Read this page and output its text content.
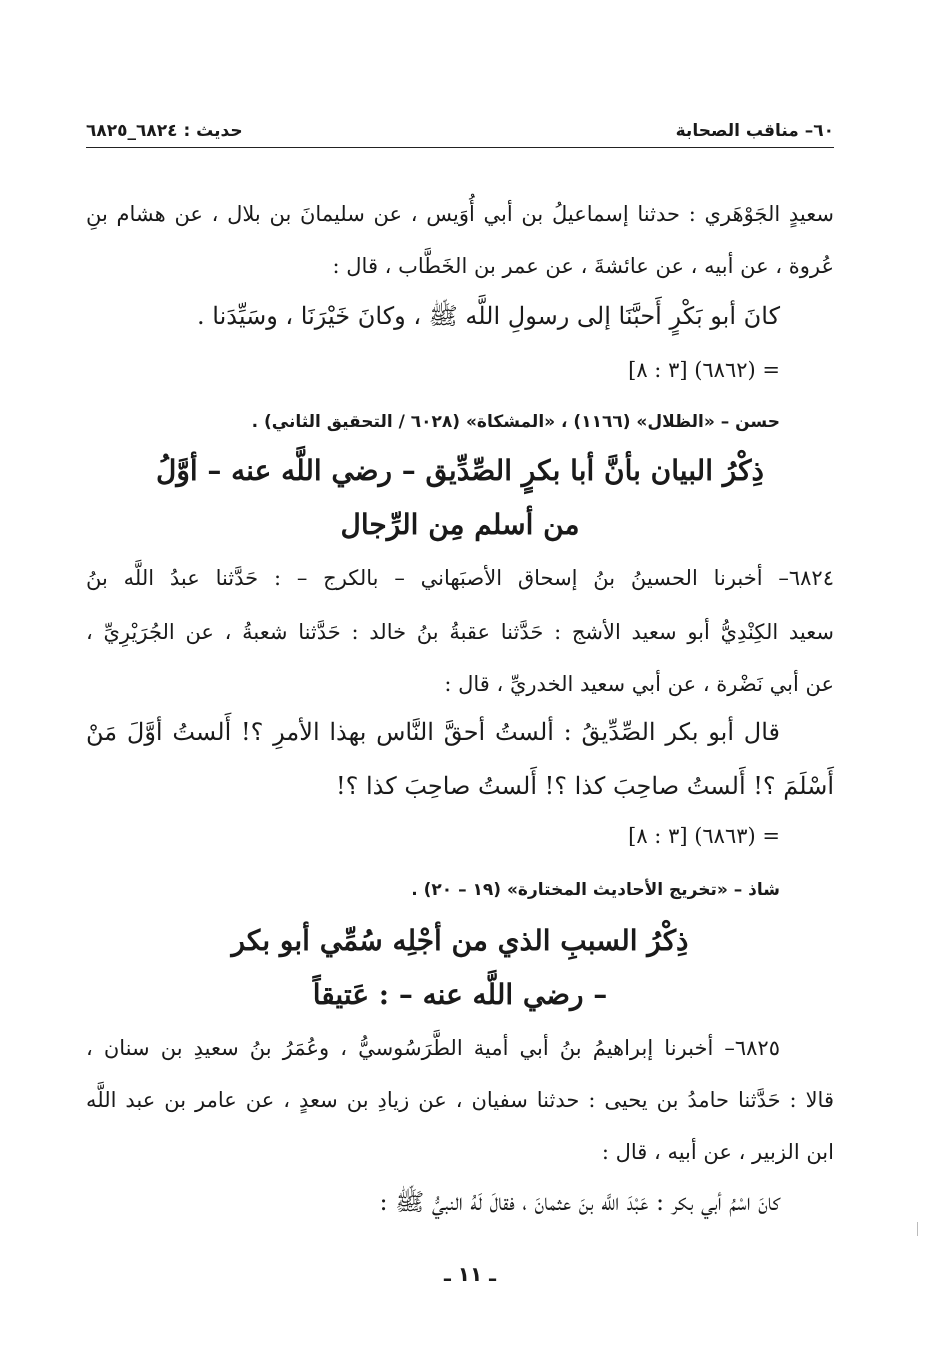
٦٠– مناقب الصحابة
حديث : ٦٨٢٤_٦٨٢٥
سعيدٍ الجَوْهَري : حدثنا إسماعيلُ بن أبي أُوَيس ، عن سليمانَ بن بلال ، عن هشام بنِ
عُروة ، عن أبيه ، عن عائشةَ ، عن عمر بن الخَطَّاب ، قال :
كانَ أبو بَكْرٍ أَحبَّنَا إلى رسولِ اللَّه ﷺ ، وكانَ خَيْرَنَا ، وسَيِّدَنا .
= (٦٨٦٢) [٣ : ٨]
حسن – «الظلال» (١١٦٦) ، «المشكاة» (٦٠٢٨ / التحقيق الثاني) .
ذِكْرُ البيان بأنَّ أبا بكرٍ الصِّدِّيق – رضي اللَّه عنه – أوَّلُ
من أسلم مِن الرِّجال
٦٨٢٤– أخبرنا الحسينُ بنُ إسحاق الأصبَهاني – بالكرج – : حَدَّثنا عبدُ اللَّه بنُ
سعيد الكِنْدِيُّ أبو سعيد الأشج : حَدَّثنا عقبةُ بنُ خالد : حَدَّثنا شعبةُ ، عن الجُرَيْرِيِّ ،
عن أبي نَضْرة ، عن أبي سعيد الخدريِّ ، قال :
قال أبو بكر الصِّدِّيقُ : ألستُ أحقَّ النَّاس بهذا الأمرِ ؟! أَلستُ أوَّلَ مَنْ
أَسْلَمَ ؟! أَلستُ صاحِبَ كذا ؟! أَلستُ صاحِبَ كذا ؟!
= (٦٨٦٣) [٣ : ٨]
شاذ – «تخريج الأحاديث المختارة» (١٩ – ٢٠) .
ذِكْرُ السببِ الذي من أجْلِه سُمِّي أبو بكر
– رضي اللَّه عنه – : عَتيقاً
٦٨٢٥– أخبرنا إبراهيمُ بنُ أبي أمية الطَّرَسُوسيُّ ، وعُمَرُ بنُ سعيدِ بن سنان ،
قالا : حَدَّثنا حامدُ بن يحيى : حدثنا سفيان ، عن زيادِ بن سعدٍ ، عن عامر بن عبد اللَّه
ابن الزبير ، عن أبيه ، قال :
كانَ اسْمُ أبي بكر : عَبْدَ اللَّه بنَ عثمانَ ، فقالَ لَهُ النبيُّ ﷺ :
ـ ١١ ـ
